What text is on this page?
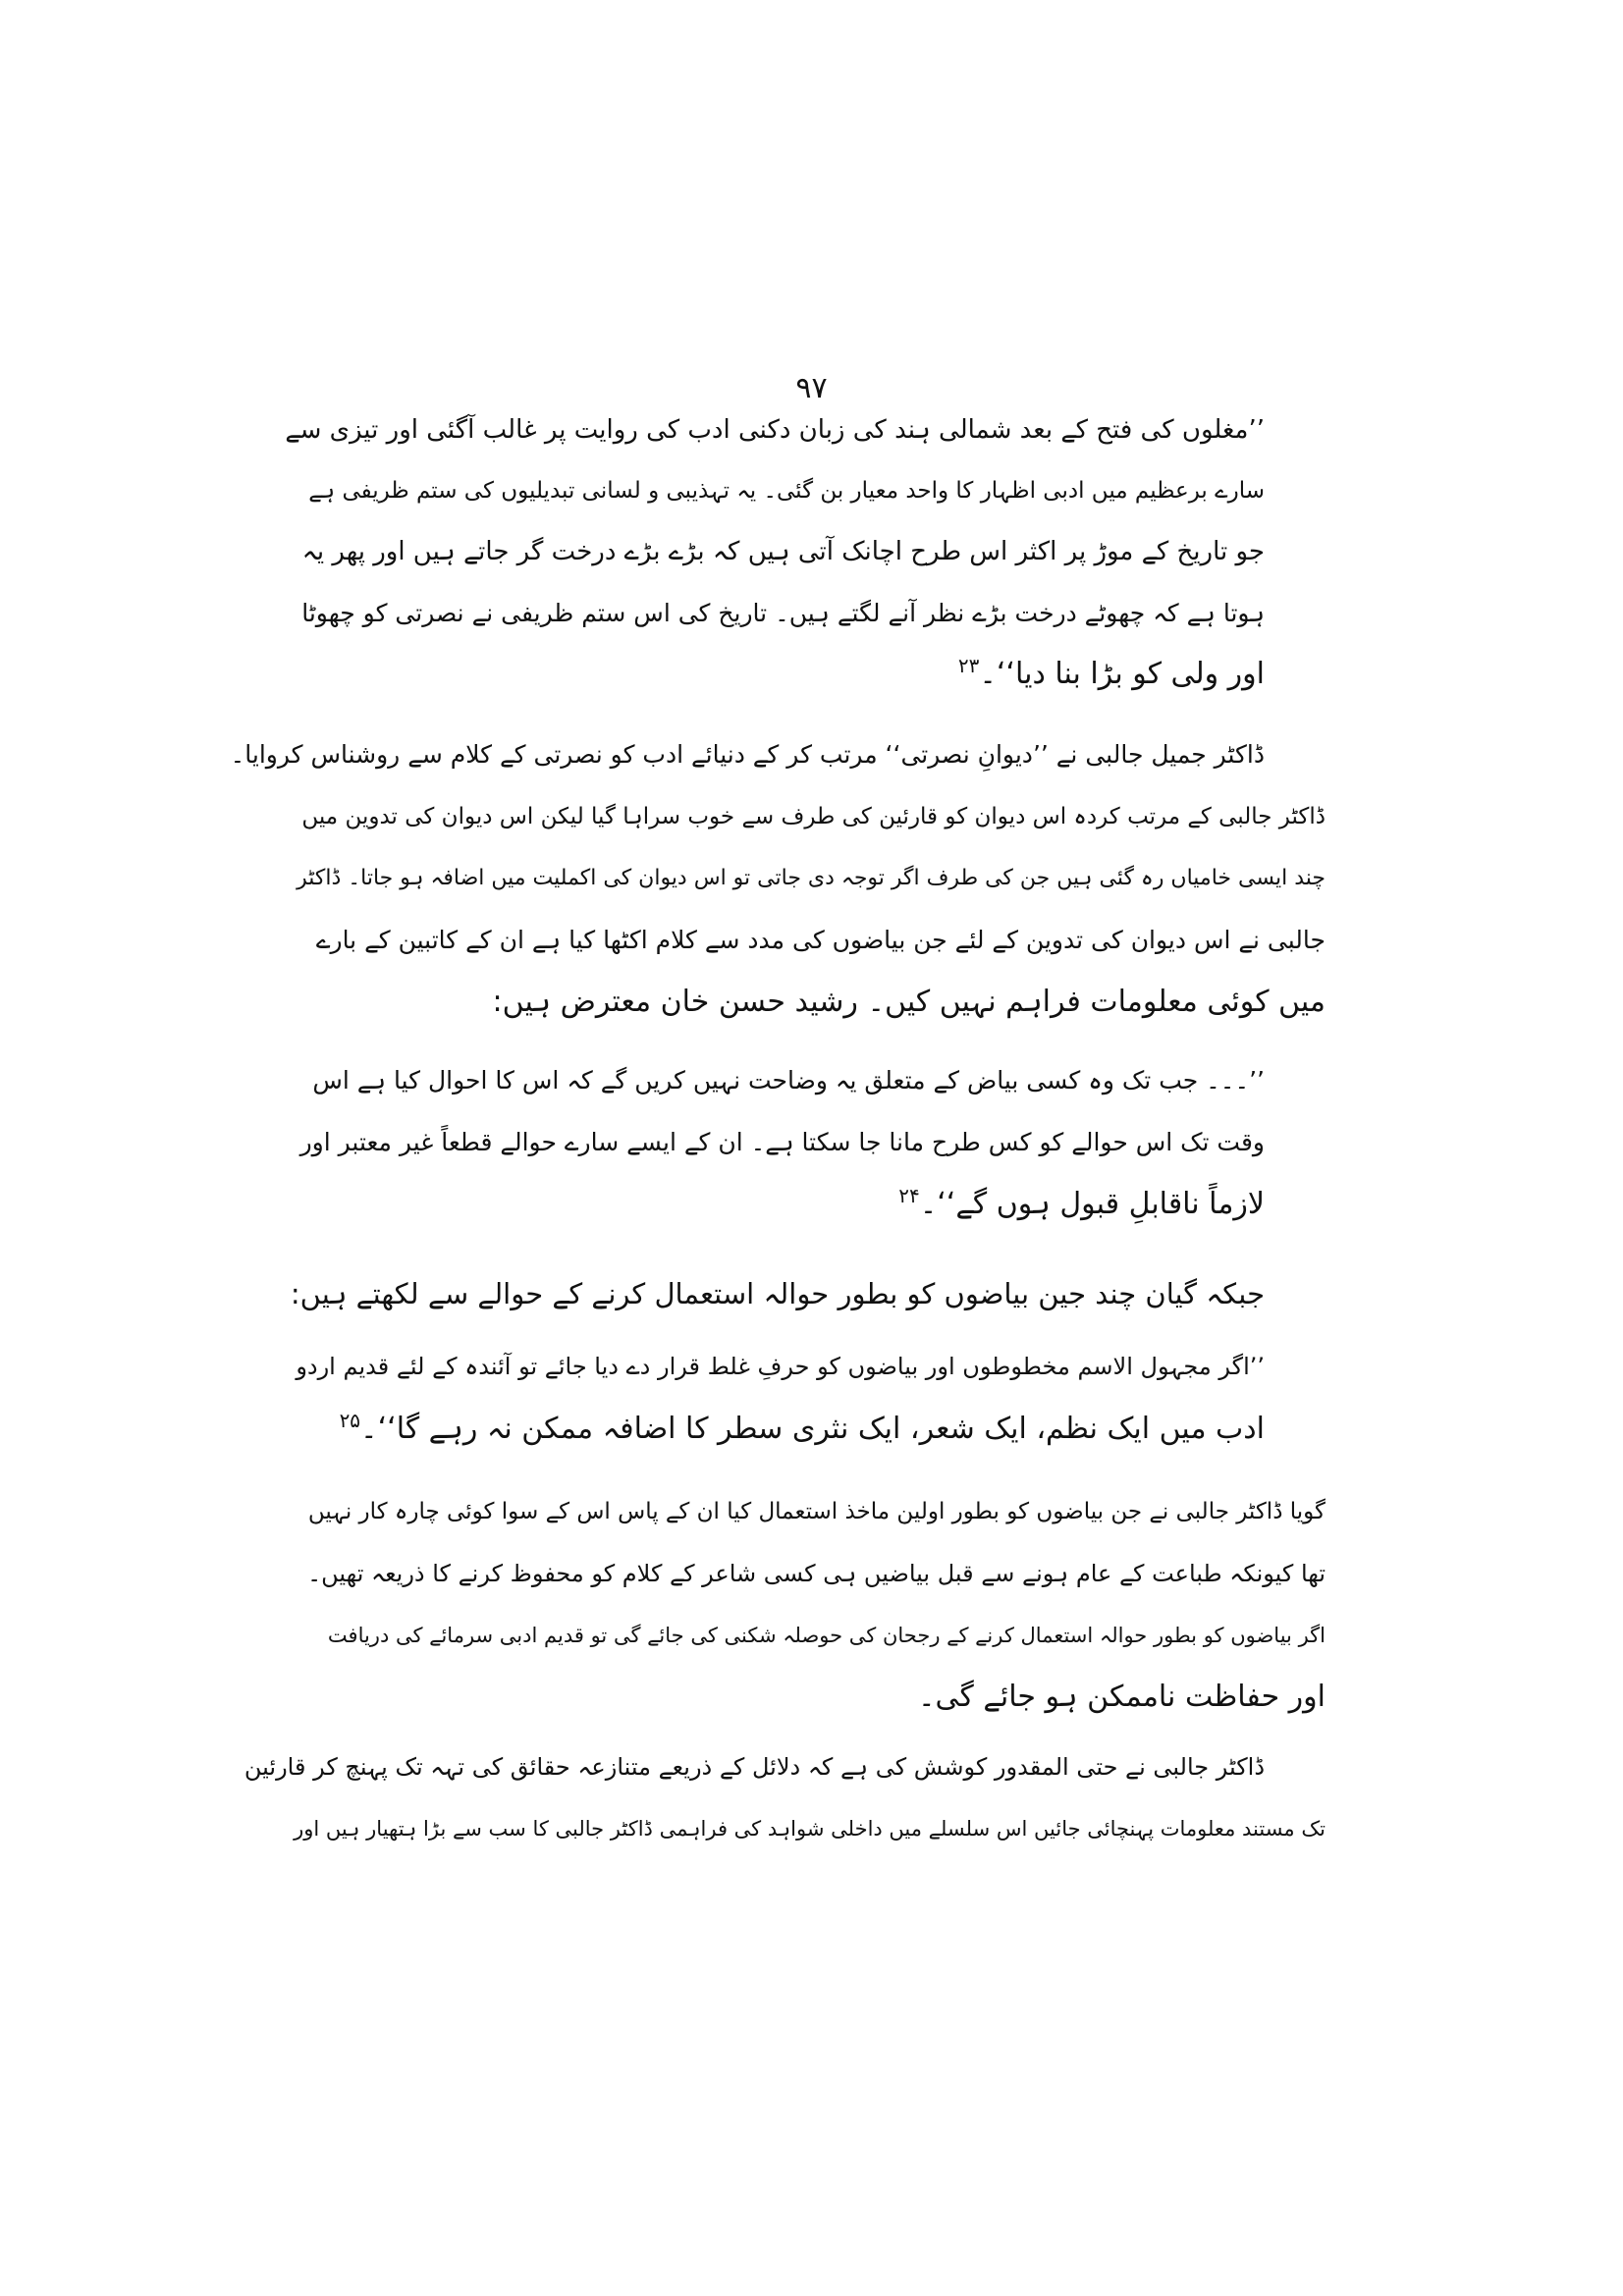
۹۷
’’مغلوں کی فتح کے بعد شمالی ہند کی زبان دکنی ادب کی روایت پر غالب آگئی اور تیزی سے
سارے برعظیم میں ادبی اظہار کا واحد معیار بن گئی۔ یہ تہذیبی و لسانی تبدیلیوں کی ستم ظریفی ہے
جو تاریخ کے موڑ پر اکثر اس طرح اچانک آتی ہیں کہ بڑے بڑے درخت گر جاتے ہیں اور پھر یہ
ہوتا ہے کہ چھوٹے درخت بڑے نظر آنے لگتے ہیں۔ تاریخ کی اس ستم ظریفی نے نصرتی کو چھوٹا
اور ولی کو بڑا بنا دیا‘‘۔$^{۲۳}$
ڈاکٹر جمیل جالبی نے ’’دیوانِ نصرتی‘‘ مرتب کر کے دنیائے ادب کو نصرتی کے کلام سے روشناس کروایا۔
ڈاکٹر جالبی کے مرتب کردہ اس دیوان کو قارئین کی طرف سے خوب سراہا گیا لیکن اس دیوان کی تدوین میں
چند ایسی خامیاں رہ گئی ہیں جن کی طرف اگر توجہ دی جاتی تو اس دیوان کی اکملیت میں اضافہ ہو جاتا۔ ڈاکٹر
جالبی نے اس دیوان کی تدوین کے لئے جن بیاضوں کی مدد سے کلام اکٹھا کیا ہے ان کے کاتبین کے بارے
میں کوئی معلومات فراہم نہیں کیں۔ رشید حسن خان معترض ہیں:
’’۔۔۔ جب تک وہ کسی بیاض کے متعلق یہ وضاحت نہیں کریں گے کہ اس کا احوال کیا ہے اس
وقت تک اس حوالے کو کس طرح مانا جا سکتا ہے۔ ان کے ایسے سارے حوالے قطعاً غیر معتبر اور
لازماً ناقابلِ قبول ہوں گے‘‘۔$^{۲۴}$
جبکہ گیان چند جین بیاضوں کو بطور حوالہ استعمال کرنے کے حوالے سے لکھتے ہیں:
’’اگر مجہول الاسم مخطوطوں اور بیاضوں کو حرفِ غلط قرار دے دیا جائے تو آئندہ کے لئے قدیم اردو
ادب میں ایک نظم، ایک شعر، ایک نثری سطر کا اضافہ ممکن نہ رہے گا‘‘۔$^{۲۵}$
گویا ڈاکٹر جالبی نے جن بیاضوں کو بطور اولین ماخذ استعمال کیا ان کے پاس اس کے سوا کوئی چارہ کار نہیں
تھا کیونکہ طباعت کے عام ہونے سے قبل بیاضیں ہی کسی شاعر کے کلام کو محفوظ کرنے کا ذریعہ تھیں۔
اگر بیاضوں کو بطور حوالہ استعمال کرنے کے رجحان کی حوصلہ شکنی کی جائے گی تو قدیم ادبی سرمائے کی دریافت
اور حفاظت ناممکن ہو جائے گی۔
ڈاکٹر جالبی نے حتی المقدور کوشش کی ہے کہ دلائل کے ذریعے متنازعہ حقائق کی تہہ تک پہنچ کر قارئین
تک مستند معلومات پہنچائی جائیں اس سلسلے میں داخلی شواہد کی فراہمی ڈاکٹر جالبی کا سب سے بڑا ہتھیار ہیں اور
